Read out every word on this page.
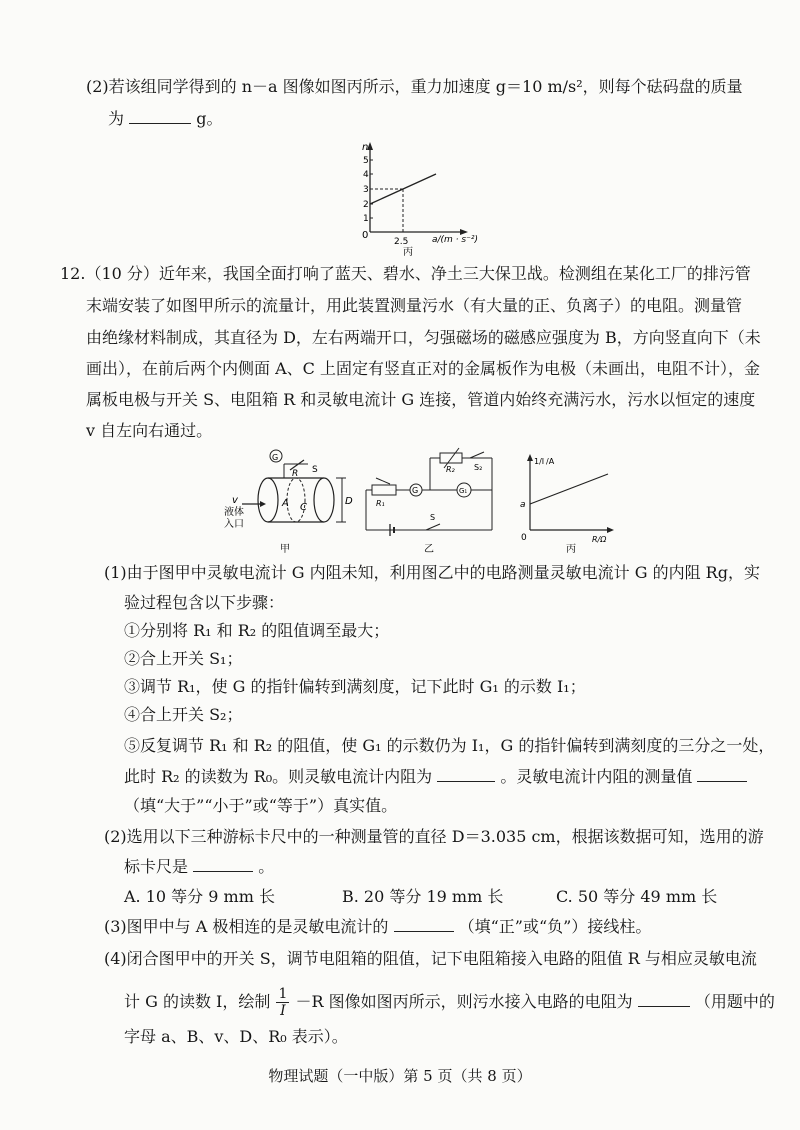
(2)若该组同学得到的 n－a 图像如图丙所示，重力加速度 g＝10 m/s²，则每个砝码盘的质量
为	g。
n
5
4
3
2
1
0
2.5	a/(m · s⁻²)
丙
12.（10 分）近年来，我国全面打响了蓝天、碧水、净土三大保卫战。检测组在某化工厂的排污管
末端安装了如图甲所示的流量计，用此装置测量污水（有大量的正、负离子）的电阻。测量管
由绝缘材料制成，其直径为 D，左右两端开口，匀强磁场的磁感应强度为 B，方向竖直向下（未
画出），在前后两个内侧面 A、C 上固定有竖直正对的金属板作为电极（未画出，电阻不计），金
属板电极与开关 S、电阻箱 R 和灵敏电流计 G 连接，管道内始终充满污水，污水以恒定的速度
v 自左向右通过。
v
液体
入口
A C
D
G
R S
甲
R₂ S₂
R₁
G	G₁
S
乙
1/I /A
a
0	R/Ω
丙
(1)由于图甲中灵敏电流计 G 内阻未知，利用图乙中的电路测量灵敏电流计 G 的内阻 Rg，实
验过程包含以下步骤：
①分别将 R₁ 和 R₂ 的阻值调至最大；
②合上开关 S₁；
③调节 R₁，使 G 的指针偏转到满刻度，记下此时 G₁ 的示数 I₁；
④合上开关 S₂；
⑤反复调节 R₁ 和 R₂ 的阻值，使 G₁ 的示数仍为 I₁，G 的指针偏转到满刻度的三分之一处，
此时 R₂ 的读数为 R₀。则灵敏电流计内阻为	。灵敏电流计内阻的测量值
（填“大于”“小于”或“等于”）真实值。
(2)选用以下三种游标卡尺中的一种测量管的直径 D＝3.035 cm，根据该数据可知，选用的游
标卡尺是	。
A. 10 等分 9 mm 长	B. 20 等分 19 mm 长	C. 50 等分 49 mm 长
(3)图甲中与 A 极相连的是灵敏电流计的	（填“正”或“负”）接线柱。
(4)闭合图甲中的开关 S，调节电阻箱的阻值，记下电阻箱接入电路的阻值 R 与相应灵敏电流
计 G 的读数 I，绘制 $\frac{1}{I} -R$ 图像如图丙所示，则污水接入电路的电阻为	（用题中的
字母 a、B、v、D、R₀ 表示）。
物理试题（一中版）第 5 页（共 8 页）
